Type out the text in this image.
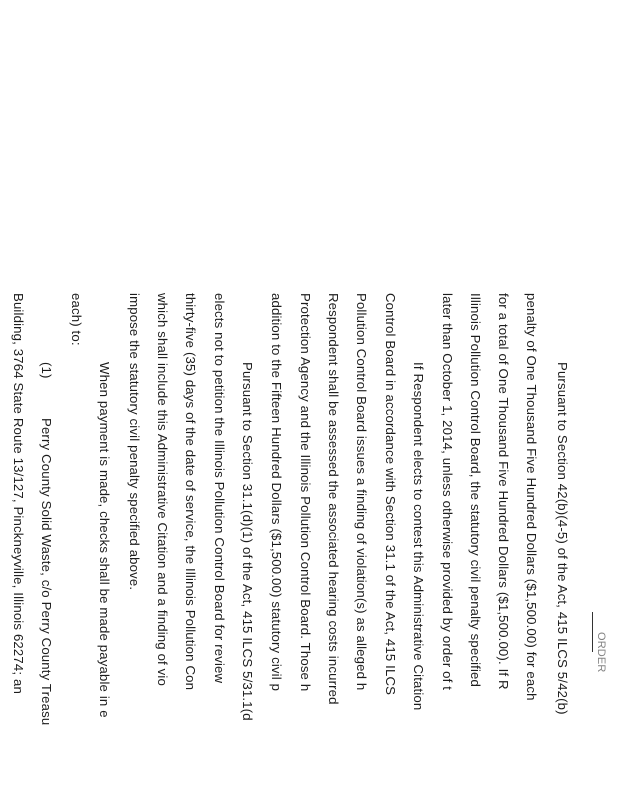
ORDER
Pursuant to Section 42(b)(4-5) of the Act, 415 ILCS 5/42(b)
penalty of One Thousand Five Hundred Dollars ($1,500.00) for each
for a total of One Thousand Five Hundred Dollars ($1,500.00). If R
Illinois Pollution Control Board, the statutory civil penalty specified
later than October 1, 2014, unless otherwise provided by order of t
If Respondent elects to contest this Administrative Citation
Control Board in accordance with Section 31.1 of the Act, 415 ILCS
Pollution Control Board issues a finding of violation(s) as alleged h
Respondent shall be assessed the associated hearing costs incurred
Protection Agency and the Illinois Pollution Control Board. Those h
addition to the Fifteen Hundred Dollars ($1,500.00) statutory civil p
Pursuant to Section 31.1(d)(1) of the Act, 415 ILCS 5/31.1(d
elects not to petition the Illinois Pollution Control Board for review
thirty-five (35) days of the date of service, the Illinois Pollution Con
which shall include this Administrative Citation and a finding of vio
impose the statutory civil penalty specified above.
When payment is made, checks shall be made payable in e
each) to:
(1)
Perry County Solid Waste, c/o Perry County Treasu
Building, 3764 State Route 13/127, Pinckneyville, Illinois 62274; an
